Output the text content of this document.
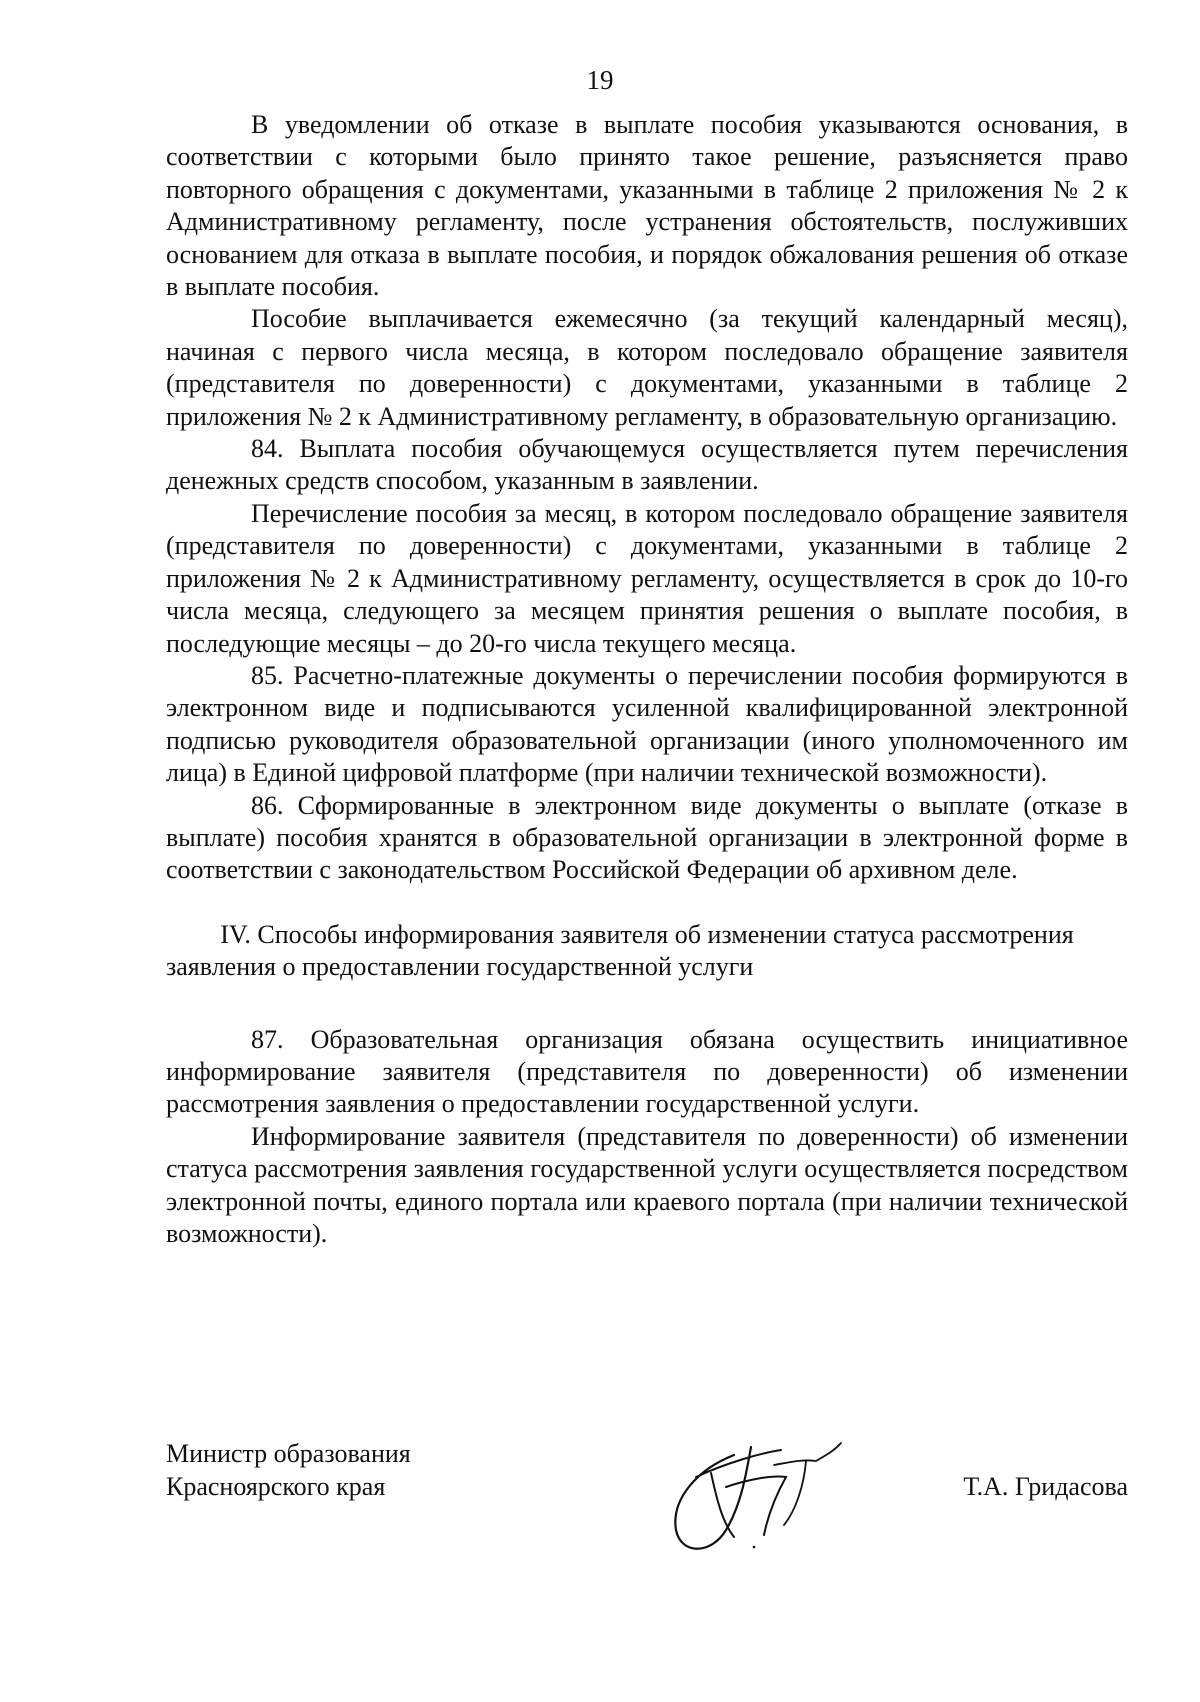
19

В уведомлении об отказе в выплате пособия указываются основания, в соответствии с которыми было принято такое решение, разъясняется право повторного обращения с документами, указанными в таблице 2 приложения № 2 к Административному регламенту, после устранения обстоятельств, послуживших основанием для отказа в выплате пособия, и порядок обжалования решения об отказе в выплате пособия.

Пособие выплачивается ежемесячно (за текущий календарный месяц), начиная с первого числа месяца, в котором последовало обращение заявителя (представителя по доверенности) с документами, указанными в таблице 2 приложения № 2 к Административному регламенту, в образовательную организацию.

84. Выплата пособия обучающемуся осуществляется путем перечисления денежных средств способом, указанным в заявлении.

Перечисление пособия за месяц, в котором последовало обращение заявителя (представителя по доверенности) с документами, указанными в таблице 2 приложения № 2 к Административному регламенту, осуществляется в срок до 10-го числа месяца, следующего за месяцем принятия решения о выплате пособия, в последующие месяцы – до 20-го числа текущего месяца.

85. Расчетно-платежные документы о перечислении пособия формируются в электронном виде и подписываются усиленной квалифицированной электронной подписью руководителя образовательной организации (иного уполномоченного им лица) в Единой цифровой платформе (при наличии технической возможности).

86. Сформированные в электронном виде документы о выплате (отказе в выплате) пособия хранятся в образовательной организации в электронной форме в соответствии с законодательством Российской Федерации об архивном деле.

IV. Способы информирования заявителя об изменении статуса рассмотрения заявления о предоставлении государственной услуги

87. Образовательная организация обязана осуществить инициативное информирование заявителя (представителя по доверенности) об изменении рассмотрения заявления о предоставлении государственной услуги.

Информирование заявителя (представителя по доверенности) об изменении статуса рассмотрения заявления государственной услуги осуществляется посредством электронной почты, единого портала или краевого портала (при наличии технической возможности).

Министр образования
Красноярского края	Т.А. Гридасова
